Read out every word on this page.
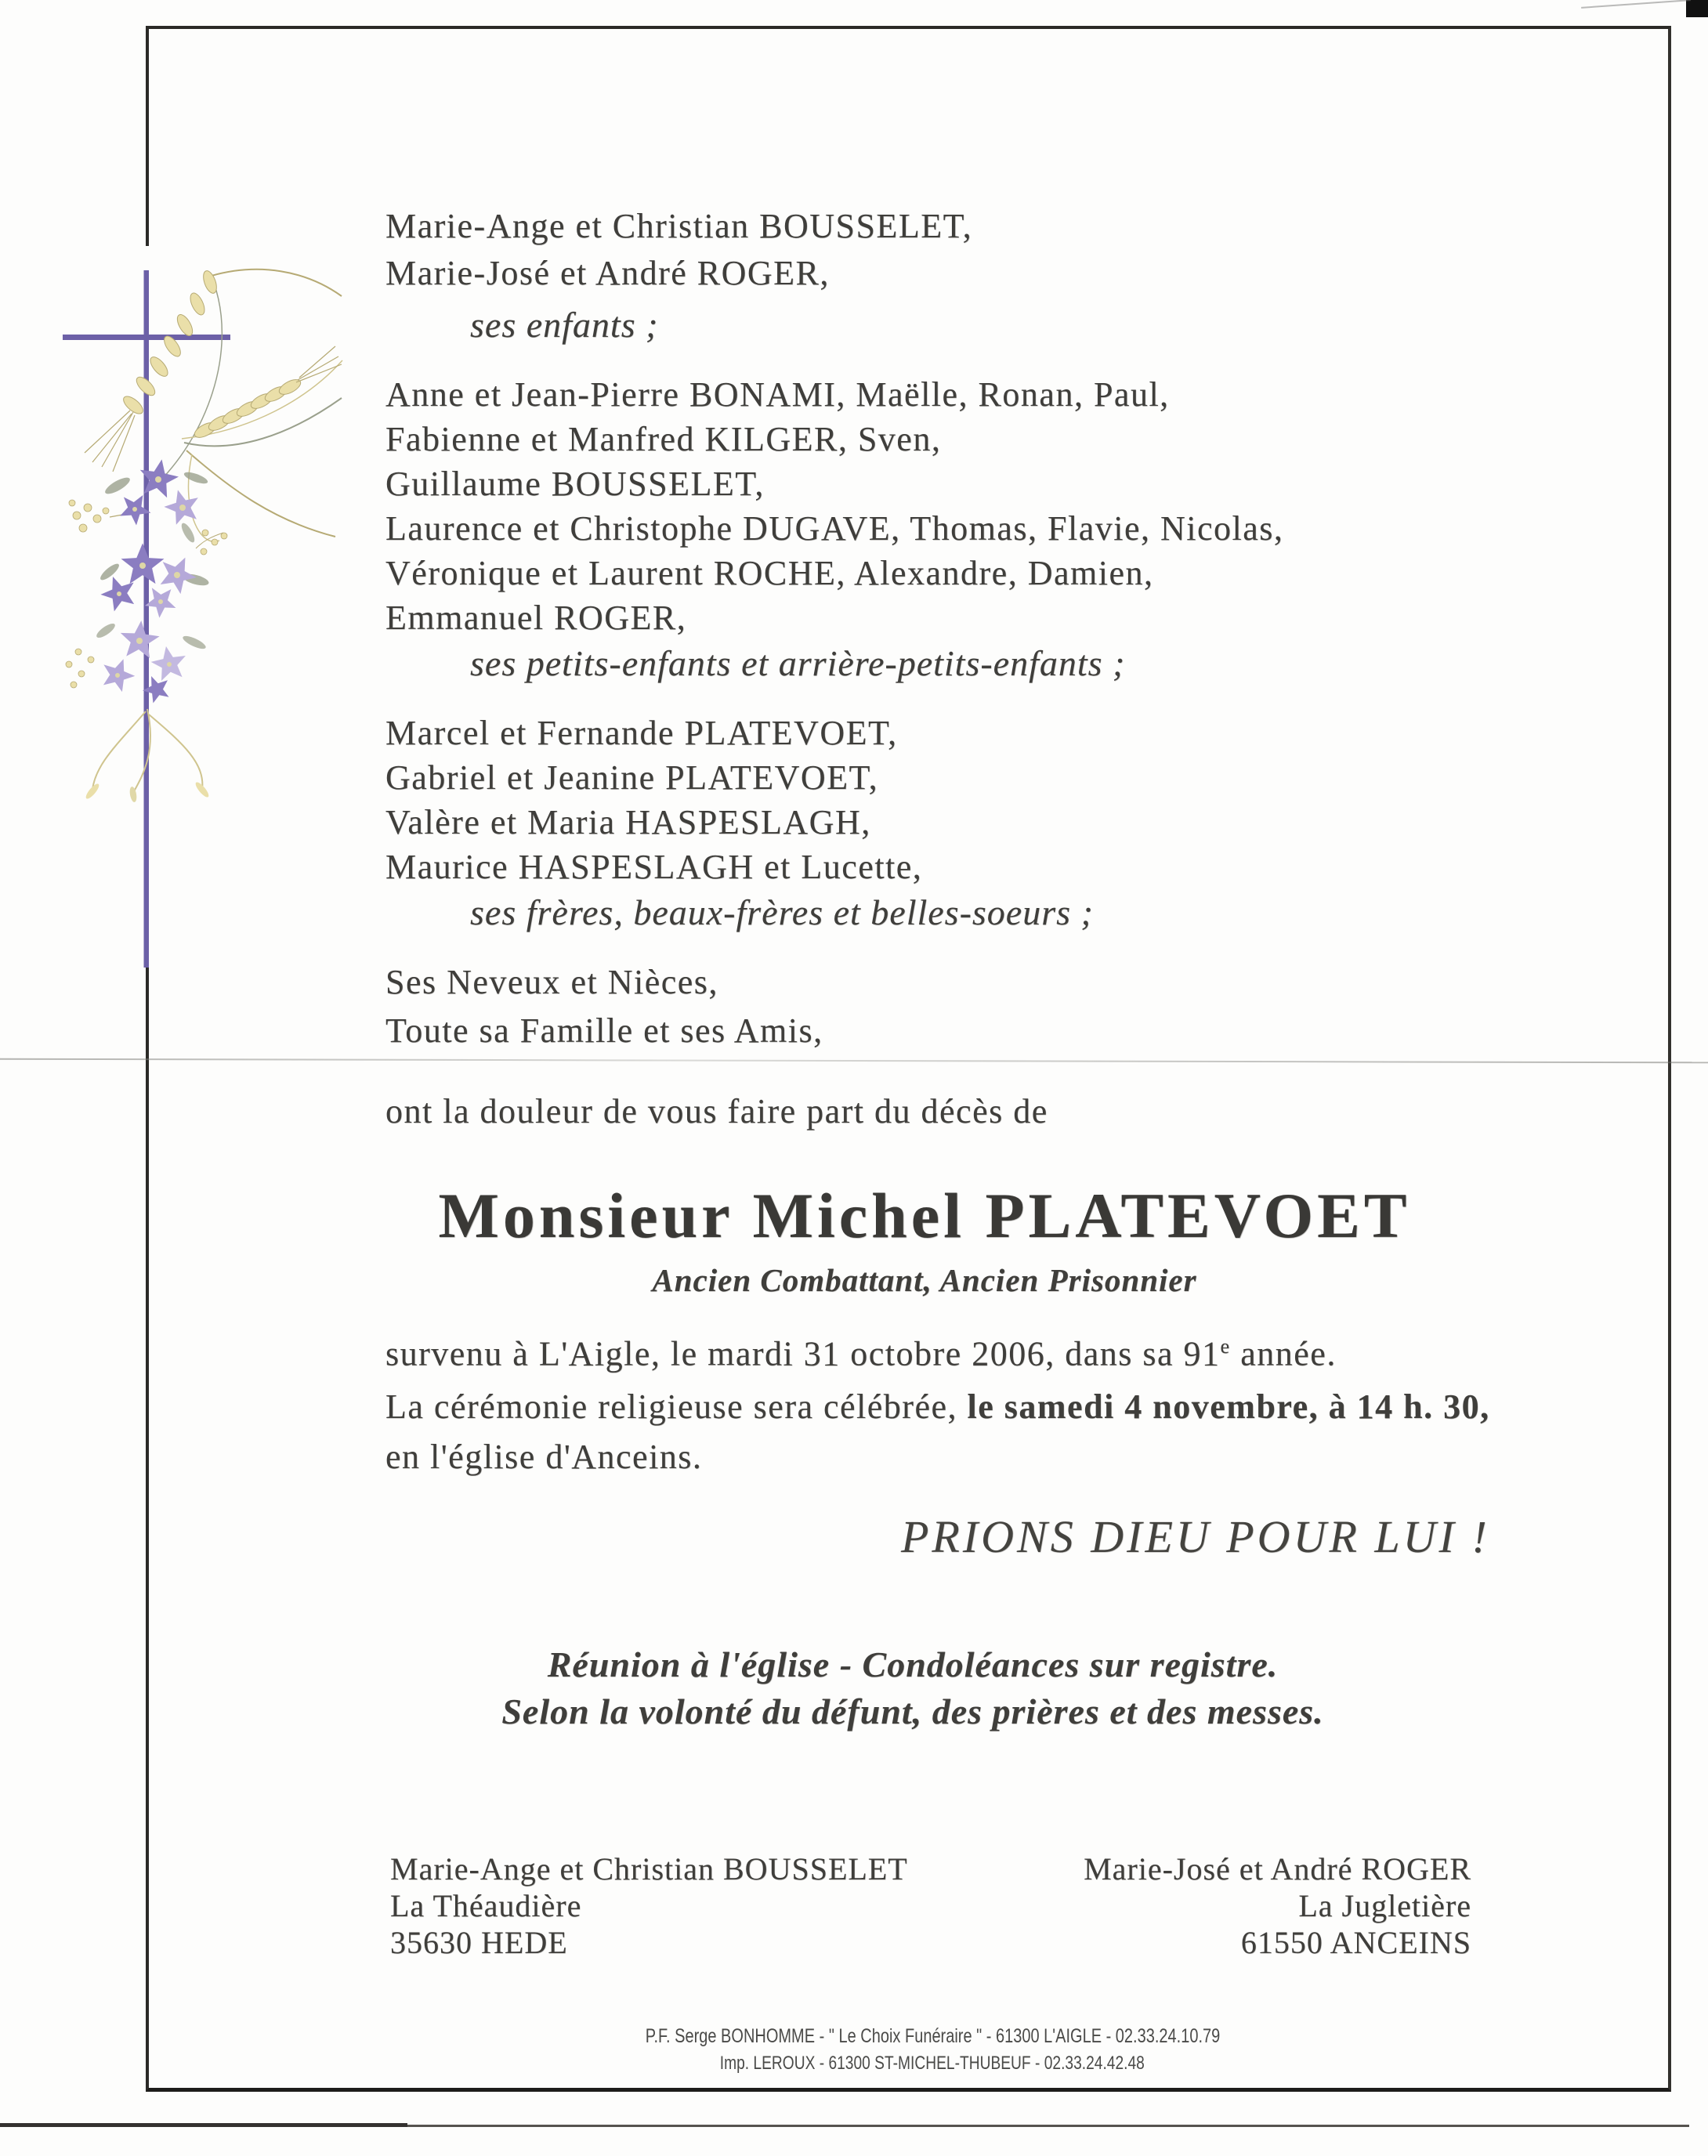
Marie-Ange et Christian BOUSSELET,
Marie-José et André ROGER,
ses enfants ;
Anne et Jean-Pierre BONAMI, Maëlle, Ronan, Paul,
Fabienne et Manfred KILGER, Sven,
Guillaume BOUSSELET,
Laurence et Christophe DUGAVE, Thomas, Flavie, Nicolas,
Véronique et Laurent ROCHE, Alexandre, Damien,
Emmanuel ROGER,
ses petits-enfants et arrière-petits-enfants ;
Marcel et Fernande PLATEVOET,
Gabriel et Jeanine PLATEVOET,
Valère et Maria HASPESLAGH,
Maurice HASPESLAGH et Lucette,
ses frères, beaux-frères et belles-soeurs ;
Ses Neveux et Nièces,
Toute sa Famille et ses Amis,
ont la douleur de vous faire part du décès de
Monsieur Michel PLATEVOET
Ancien Combattant, Ancien Prisonnier
survenu à L'Aigle, le mardi 31 octobre 2006, dans sa 91e année.
La cérémonie religieuse sera célébrée, le samedi 4 novembre, à 14 h. 30,
en l'église d'Anceins.
PRIONS DIEU POUR LUI !
Réunion à l'église - Condoléances sur registre.
Selon la volonté du défunt, des prières et des messes.
Marie-Ange et Christian BOUSSELET
La Théaudière
35630 HEDE
Marie-José et André ROGER
La Jugletière
61550 ANCEINS
P.F. Serge BONHOMME - " Le Choix Funéraire " - 61300 L'AIGLE - 02.33.24.10.79
Imp. LEROUX - 61300 ST-MICHEL-THUBEUF - 02.33.24.42.48
